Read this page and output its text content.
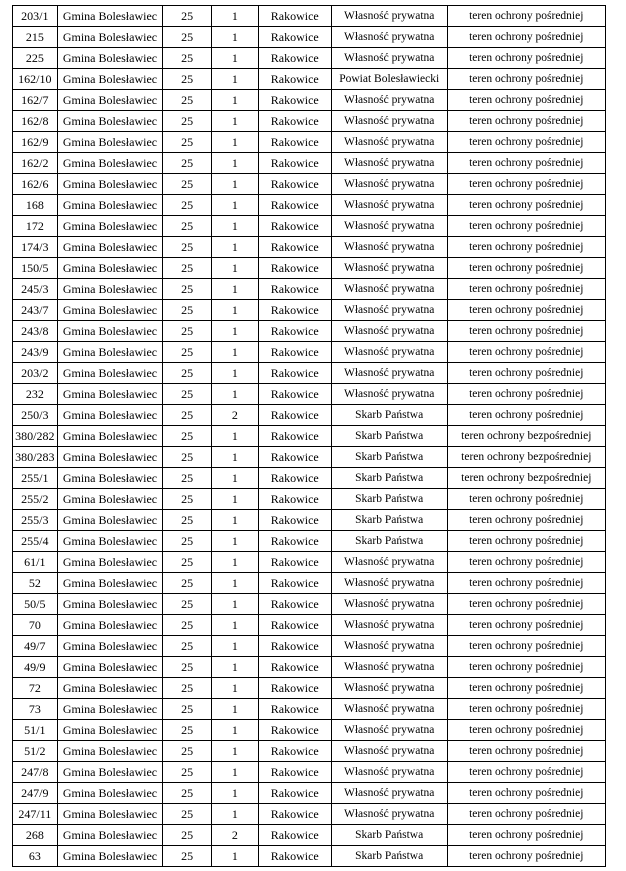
203/1	Gmina Bolesławiec	25	1	Rakowice	Własność prywatna	teren ochrony pośredniej
215	Gmina Bolesławiec	25	1	Rakowice	Własność prywatna	teren ochrony pośredniej
225	Gmina Bolesławiec	25	1	Rakowice	Własność prywatna	teren ochrony pośredniej
162/10	Gmina Bolesławiec	25	1	Rakowice	Powiat Bolesławiecki	teren ochrony pośredniej
162/7	Gmina Bolesławiec	25	1	Rakowice	Własność prywatna	teren ochrony pośredniej
162/8	Gmina Bolesławiec	25	1	Rakowice	Własność prywatna	teren ochrony pośredniej
162/9	Gmina Bolesławiec	25	1	Rakowice	Własność prywatna	teren ochrony pośredniej
162/2	Gmina Bolesławiec	25	1	Rakowice	Własność prywatna	teren ochrony pośredniej
162/6	Gmina Bolesławiec	25	1	Rakowice	Własność prywatna	teren ochrony pośredniej
168	Gmina Bolesławiec	25	1	Rakowice	Własność prywatna	teren ochrony pośredniej
172	Gmina Bolesławiec	25	1	Rakowice	Własność prywatna	teren ochrony pośredniej
174/3	Gmina Bolesławiec	25	1	Rakowice	Własność prywatna	teren ochrony pośredniej
150/5	Gmina Bolesławiec	25	1	Rakowice	Własność prywatna	teren ochrony pośredniej
245/3	Gmina Bolesławiec	25	1	Rakowice	Własność prywatna	teren ochrony pośredniej
243/7	Gmina Bolesławiec	25	1	Rakowice	Własność prywatna	teren ochrony pośredniej
243/8	Gmina Bolesławiec	25	1	Rakowice	Własność prywatna	teren ochrony pośredniej
243/9	Gmina Bolesławiec	25	1	Rakowice	Własność prywatna	teren ochrony pośredniej
203/2	Gmina Bolesławiec	25	1	Rakowice	Własność prywatna	teren ochrony pośredniej
232	Gmina Bolesławiec	25	1	Rakowice	Własność prywatna	teren ochrony pośredniej
250/3	Gmina Bolesławiec	25	2	Rakowice	Skarb Państwa	teren ochrony pośredniej
380/282	Gmina Bolesławiec	25	1	Rakowice	Skarb Państwa	teren ochrony bezpośredniej
380/283	Gmina Bolesławiec	25	1	Rakowice	Skarb Państwa	teren ochrony bezpośredniej
255/1	Gmina Bolesławiec	25	1	Rakowice	Skarb Państwa	teren ochrony bezpośredniej
255/2	Gmina Bolesławiec	25	1	Rakowice	Skarb Państwa	teren ochrony pośredniej
255/3	Gmina Bolesławiec	25	1	Rakowice	Skarb Państwa	teren ochrony pośredniej
255/4	Gmina Bolesławiec	25	1	Rakowice	Skarb Państwa	teren ochrony pośredniej
61/1	Gmina Bolesławiec	25	1	Rakowice	Własność prywatna	teren ochrony pośredniej
52	Gmina Bolesławiec	25	1	Rakowice	Własność prywatna	teren ochrony pośredniej
50/5	Gmina Bolesławiec	25	1	Rakowice	Własność prywatna	teren ochrony pośredniej
70	Gmina Bolesławiec	25	1	Rakowice	Własność prywatna	teren ochrony pośredniej
49/7	Gmina Bolesławiec	25	1	Rakowice	Własność prywatna	teren ochrony pośredniej
49/9	Gmina Bolesławiec	25	1	Rakowice	Własność prywatna	teren ochrony pośredniej
72	Gmina Bolesławiec	25	1	Rakowice	Własność prywatna	teren ochrony pośredniej
73	Gmina Bolesławiec	25	1	Rakowice	Własność prywatna	teren ochrony pośredniej
51/1	Gmina Bolesławiec	25	1	Rakowice	Własność prywatna	teren ochrony pośredniej
51/2	Gmina Bolesławiec	25	1	Rakowice	Własność prywatna	teren ochrony pośredniej
247/8	Gmina Bolesławiec	25	1	Rakowice	Własność prywatna	teren ochrony pośredniej
247/9	Gmina Bolesławiec	25	1	Rakowice	Własność prywatna	teren ochrony pośredniej
247/11	Gmina Bolesławiec	25	1	Rakowice	Własność prywatna	teren ochrony pośredniej
268	Gmina Bolesławiec	25	2	Rakowice	Skarb Państwa	teren ochrony pośredniej
63	Gmina Bolesławiec	25	1	Rakowice	Skarb Państwa	teren ochrony pośredniej
